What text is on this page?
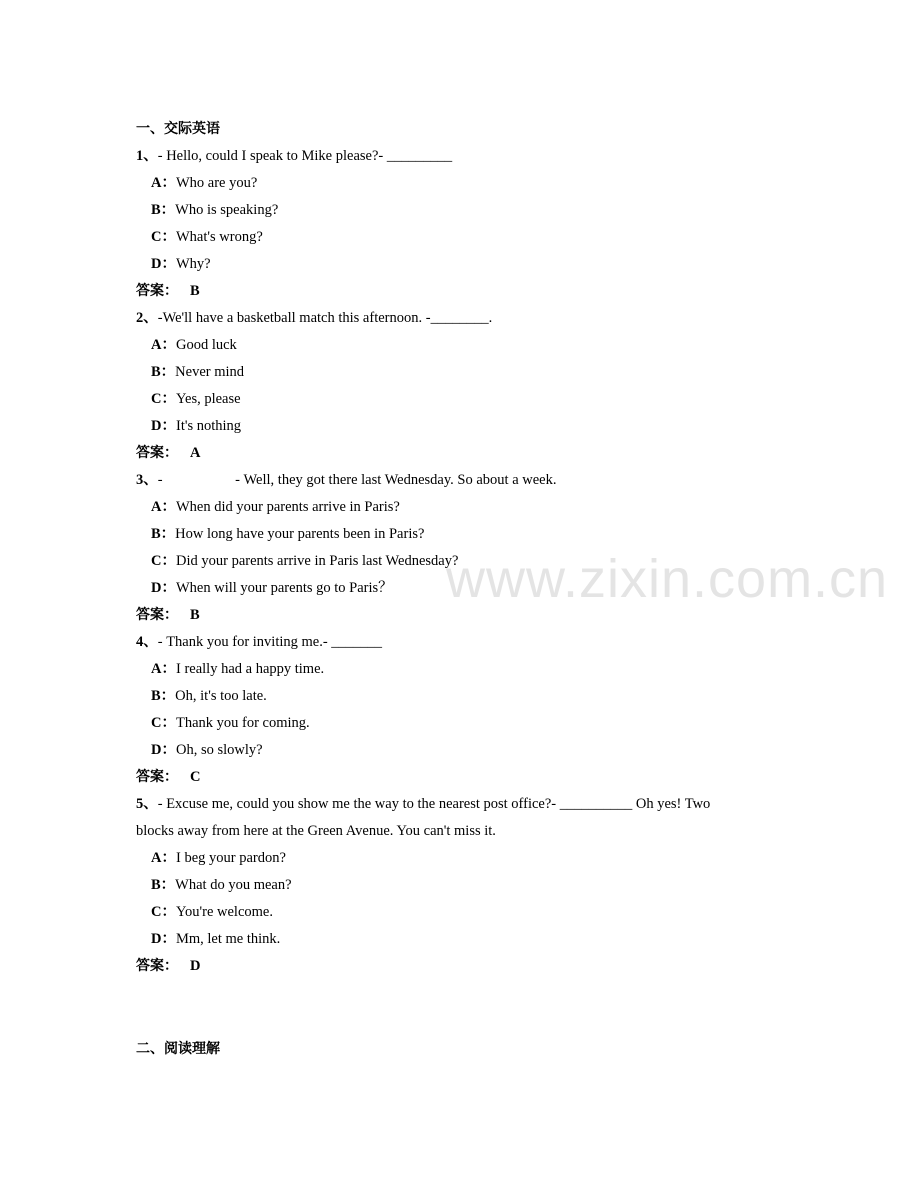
www.zixin.com.cn
一、交际英语
1、- Hello, could I speak to Mike please?- _________
A：Who are you?
B：Who is speaking?
C：What's wrong?
D：Why?
答案： B
2、-We'll have a basketball match this afternoon. -________.
A：Good luck
B：Never mind
C：Yes, please
D：It's nothing
答案： A
3、-                    - Well, they got there last Wednesday. So about a week.
A：When did your parents arrive in Paris?
B：How long have your parents been in Paris?
C：Did your parents arrive in Paris last Wednesday?
D：When will your parents go to Paris？
答案： B
4、- Thank you for inviting me.- _______
A：I really had a happy time.
B：Oh, it's too late.
C：Thank you for coming.
D：Oh, so slowly?
答案： C
5、- Excuse me, could you show me the way to the nearest post office?- __________ Oh yes! Two
blocks away from here at the Green Avenue. You can't miss it.
A：I beg your pardon?
B：What do you mean?
C：You're welcome.
D：Mm, let me think.
答案： D
二、阅读理解
